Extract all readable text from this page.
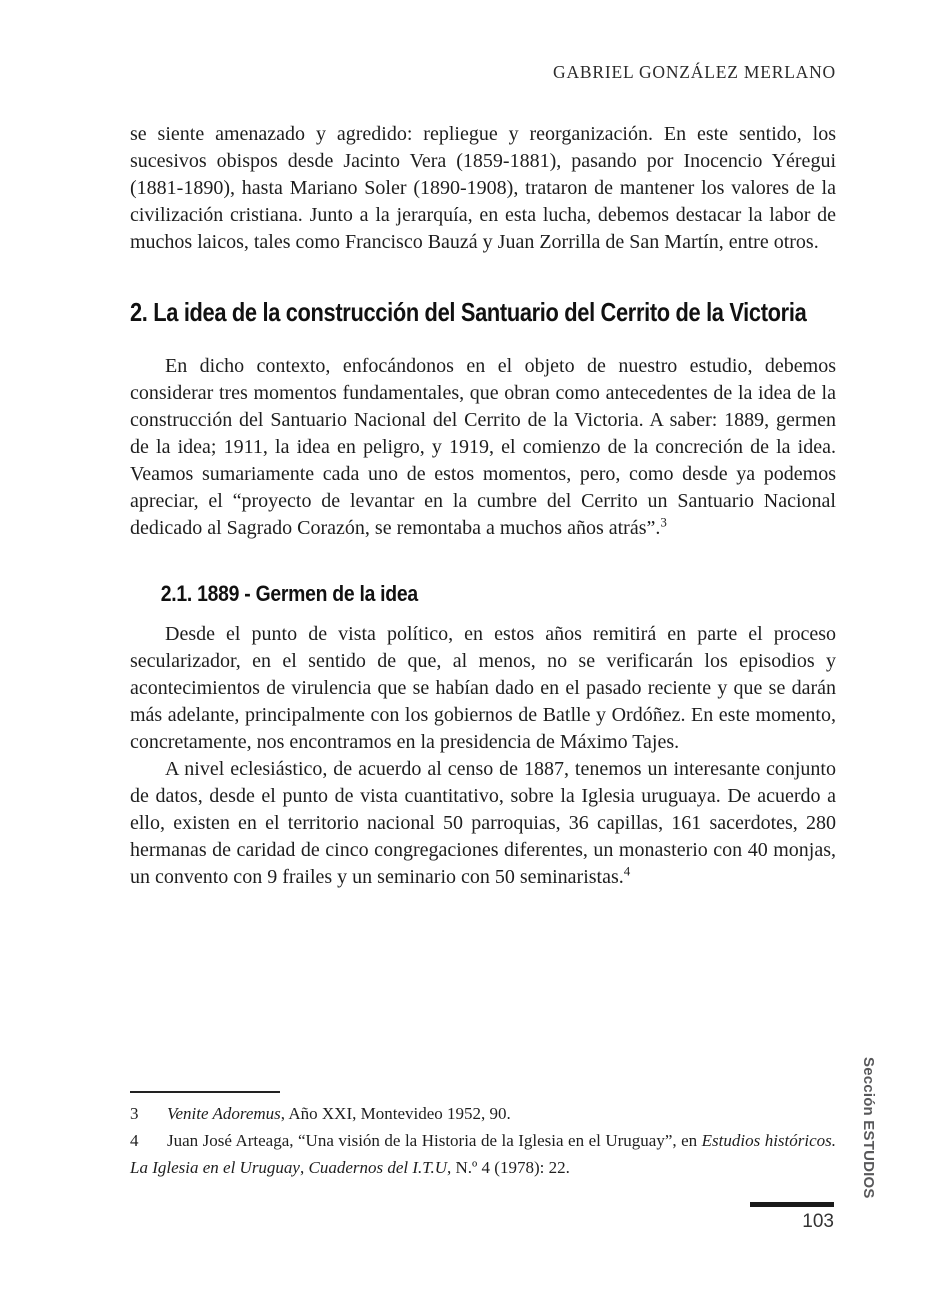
GABRIEL GONZÁLEZ MERLANO

se siente amenazado y agredido: repliegue y reorganización. En este sentido, los sucesivos obispos desde Jacinto Vera (1859-1881), pasando por Inocencio Yéregui (1881-1890), hasta Mariano Soler (1890-1908), trataron de mantener los valores de la civilización cristiana. Junto a la jerarquía, en esta lucha, debemos destacar la labor de muchos laicos, tales como Francisco Bauzá y Juan Zorrilla de San Martín, entre otros.

2. La idea de la construcción del Santuario del Cerrito de la Victoria

En dicho contexto, enfocándonos en el objeto de nuestro estudio, debemos considerar tres momentos fundamentales, que obran como antecedentes de la idea de la construcción del Santuario Nacional del Cerrito de la Victoria. A saber: 1889, germen de la idea; 1911, la idea en peligro, y 1919, el comienzo de la concreción de la idea. Veamos sumariamente cada uno de estos momentos, pero, como desde ya podemos apreciar, el “proyecto de levantar en la cumbre del Cerrito un Santuario Nacional dedicado al Sagrado Corazón, se remontaba a muchos años atrás”.$^3$

2.1. 1889 - Germen de la idea

Desde el punto de vista político, en estos años remitirá en parte el proceso secularizador, en el sentido de que, al menos, no se verificarán los episodios y acontecimientos de virulencia que se habían dado en el pasado reciente y que se darán más adelante, principalmente con los gobiernos de Batlle y Ordóñez. En este momento, concretamente, nos encontramos en la presidencia de Máximo Tajes.

A nivel eclesiástico, de acuerdo al censo de 1887, tenemos un interesante conjunto de datos, desde el punto de vista cuantitativo, sobre la Iglesia uruguaya. De acuerdo a ello, existen en el territorio nacional 50 parroquias, 36 capillas, 161 sacerdotes, 280 hermanas de caridad de cinco congregaciones diferentes, un monasterio con 40 monjas, un convento con 9 frailes y un seminario con 50 seminaristas.$^4$

3 Venite Adoremus, Año XXI, Montevideo 1952, 90.

4 Juan José Arteaga, “Una visión de la Historia de la Iglesia en el Uruguay”, en Estudios históricos. La Iglesia en el Uruguay, Cuadernos del I.T.U, N.º 4 (1978): 22.	Sección ESTUDIOS
103
